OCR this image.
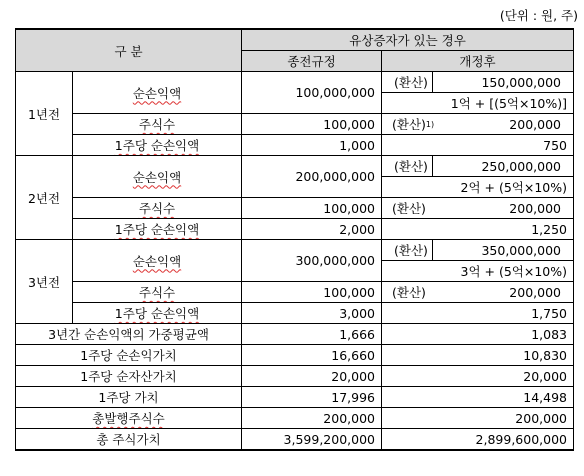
(단위 : 원, 주)
구 분		유상증자가 있는 경우	
		종전규정	개정후
1년전	순손익액	100,000,000	(환산) 150,000,000

			1억 + [(5억×10%)]
	주식수	100,000	(환산) 1) 200,000

	1주당 순손익액	1,000	750
2년전	순손익액	200,000,000	(환산) 250,000,000

			2억 + (5억×10%)
	주식수	100,000	(환산) 200,000

	1주당 순손익액	2,000	1,250
3년전	순손익액	300,000,000	(환산) 350,000,000

			3억 + (5억×10%)
	주식수	100,000	(환산) 200,000

	1주당 순손익액	3,000	1,750
3년간 순손익액의 가중평균액		1,666	1,083
1주당 순손익가치		16,660	10,830
1주당 순자산가치		20,000	20,000
1주당 가치		17,996	14,498
총발행주식수		200,000	200,000
총 주식가치		3,599,200,000	2,899,600,000
